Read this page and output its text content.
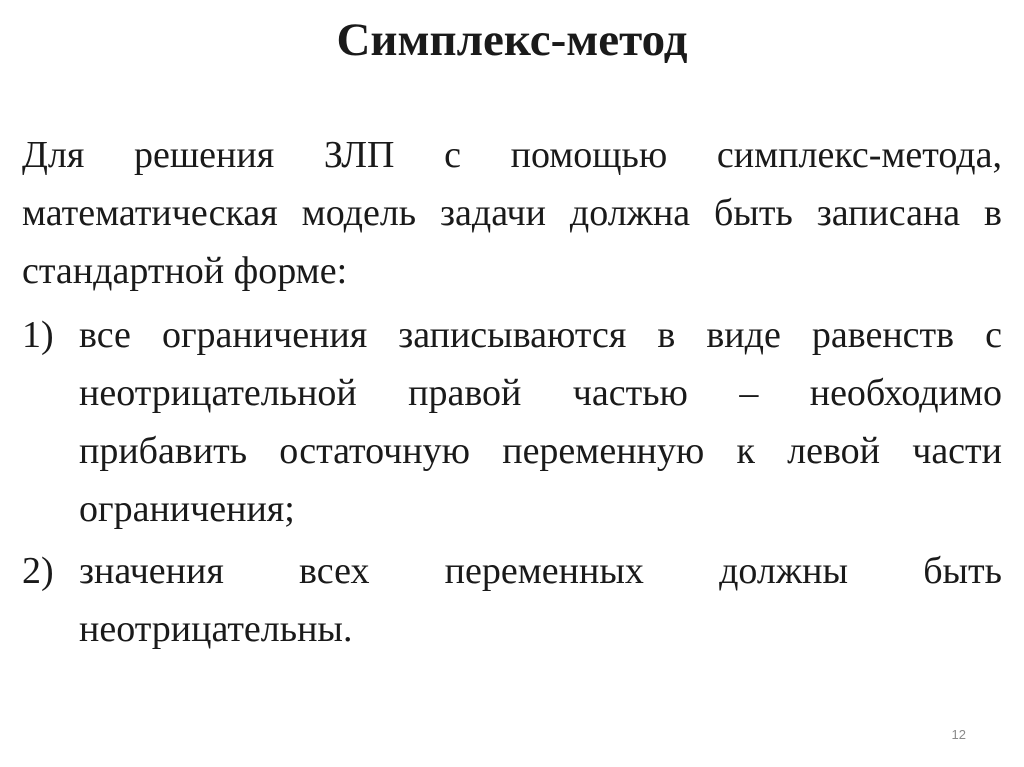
Симплекс-метод

Для решения ЗЛП с помощью симплекс-метода, математическая модель задачи должна быть записана в стандартной форме:

1) все ограничения записываются в виде равенств с неотрицательной правой частью – необходимо прибавить остаточную переменную к левой части ограничения;
2) значения всех переменных должны быть неотрицательны.
12
